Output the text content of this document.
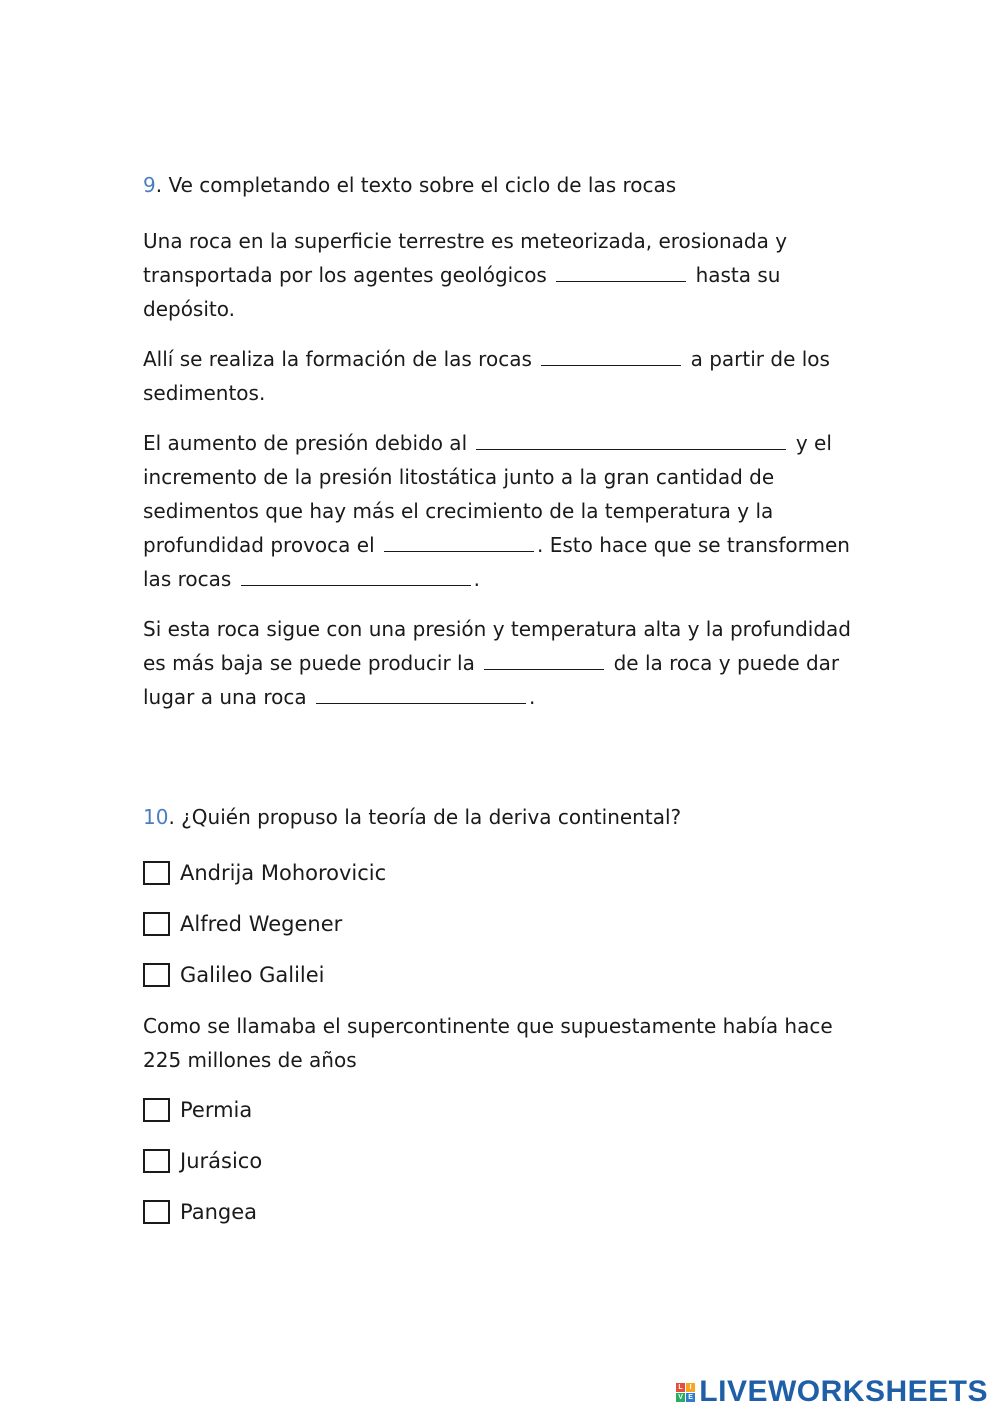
9. Ve completando el texto sobre el ciclo de las rocas
Una roca en la superficie terrestre es meteorizada, erosionada y transportada por los agentes geológicos	hasta su depósito.
Allí se realiza la formación de las rocas	a partir de los sedimentos.
El aumento de presión debido al	y el incremento de la presión litostática junto a la gran cantidad de sedimentos que hay más el crecimiento de la temperatura y la profundidad provoca el	. Esto hace que se transformen las rocas	.
Si esta roca sigue con una presión y temperatura alta y la profundidad es más baja se puede producir la	de la roca y puede dar lugar a una roca	.
10. ¿Quién propuso la teoría de la deriva continental?
Andrija Mohorovicic
Alfred Wegener
Galileo Galilei
Como se llamaba el supercontinente que supuestamente había hace 225 millones de años
Permia
Jurásico
Pangea
L I
V E LIVEWORKSHEETS
